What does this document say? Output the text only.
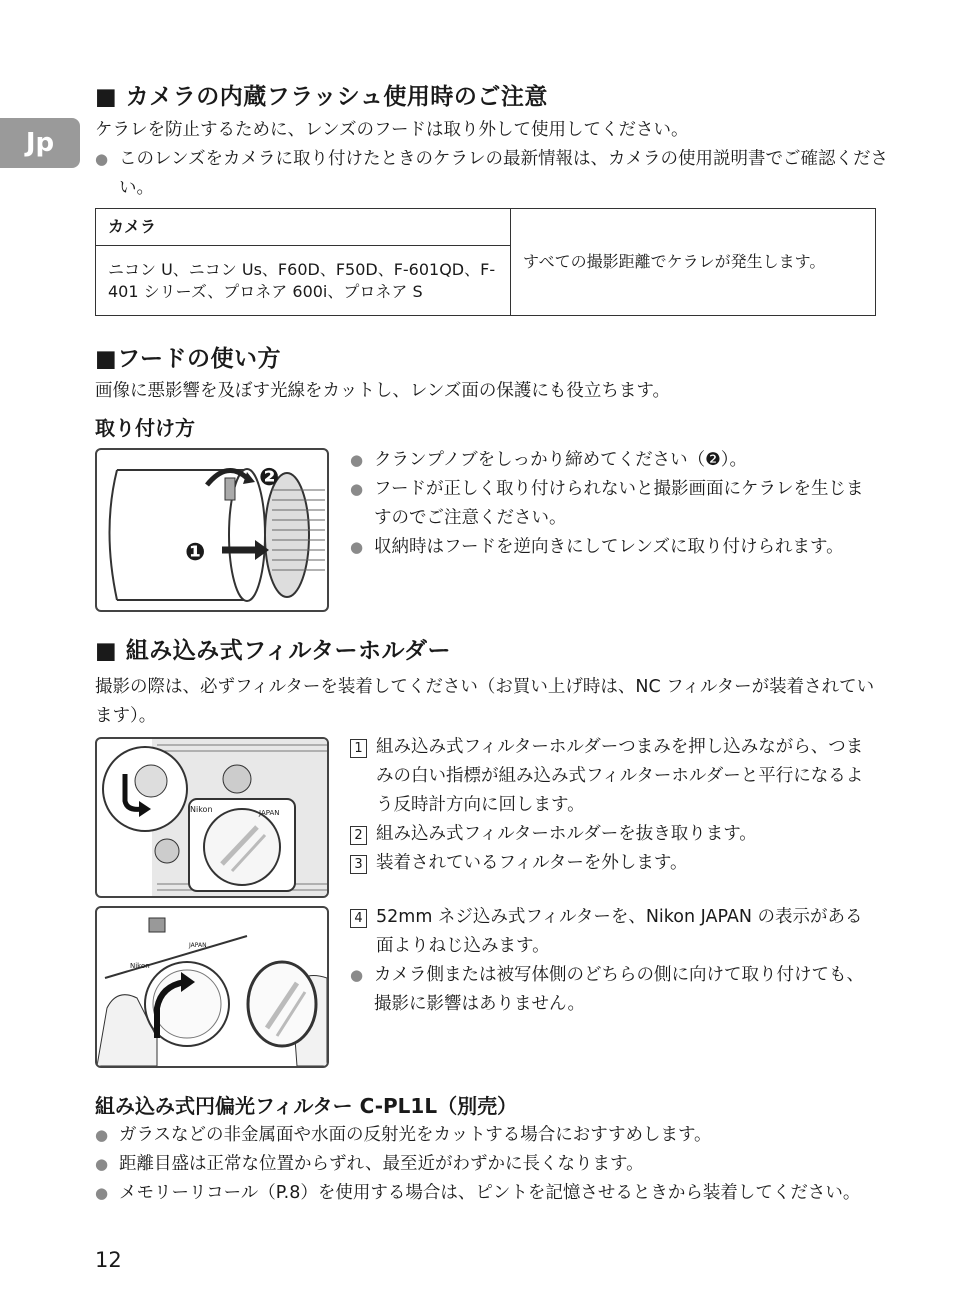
Jp
■ カメラの内蔵フラッシュ使用時のご注意
ケラレを防止するために、レンズのフードは取り外して使用してください。
● このレンズをカメラに取り付けたときのケラレの最新情報は、カメラの使用説明書でご確認ください。
カメラ	すべての撮影距離でケラレが発生します。
ニコン U、ニコン Us、F60D、F50D、F-601QD、F-401 シリーズ、プロネア 600i、プロネア S
■フードの使い方
画像に悪影響を及ぼす光線をカットし、レンズ面の保護にも役立ちます。
取り付け方
❶
❷
● クランプノブをしっかり締めてください（❷）。
● フードが正しく取り付けられないと撮影画面にケラレを生じますのでご注意ください。
● 収納時はフードを逆向きにしてレンズに取り付けられます。
■ 組み込み式フィルターホルダー
撮影の際は、必ずフィルターを装着してください（お買い上げ時は、NC フィルターが装着されています）。
Nikon	JAPAN
1 組み込み式フィルターホルダーつまみを押し込みながら、つまみの白い指標が組み込み式フィルターホルダーと平行になるよう反時計方向に回します。
2 組み込み式フィルターホルダーを抜き取ります。
3 装着されているフィルターを外します。
Nikon
JAPAN
4 52mm ネジ込み式フィルターを、Nikon JAPAN の表示がある面よりねじ込みます。
● カメラ側または被写体側のどちらの側に向けて取り付けても、撮影に影響はありません。
組み込み式円偏光フィルター C-PL1L（別売）
● ガラスなどの非金属面や水面の反射光をカットする場合におすすめします。
● 距離目盛は正常な位置からずれ、最至近がわずかに長くなります。
● メモリーリコール（P.8）を使用する場合は、ピントを記憶させるときから装着してください。
12
